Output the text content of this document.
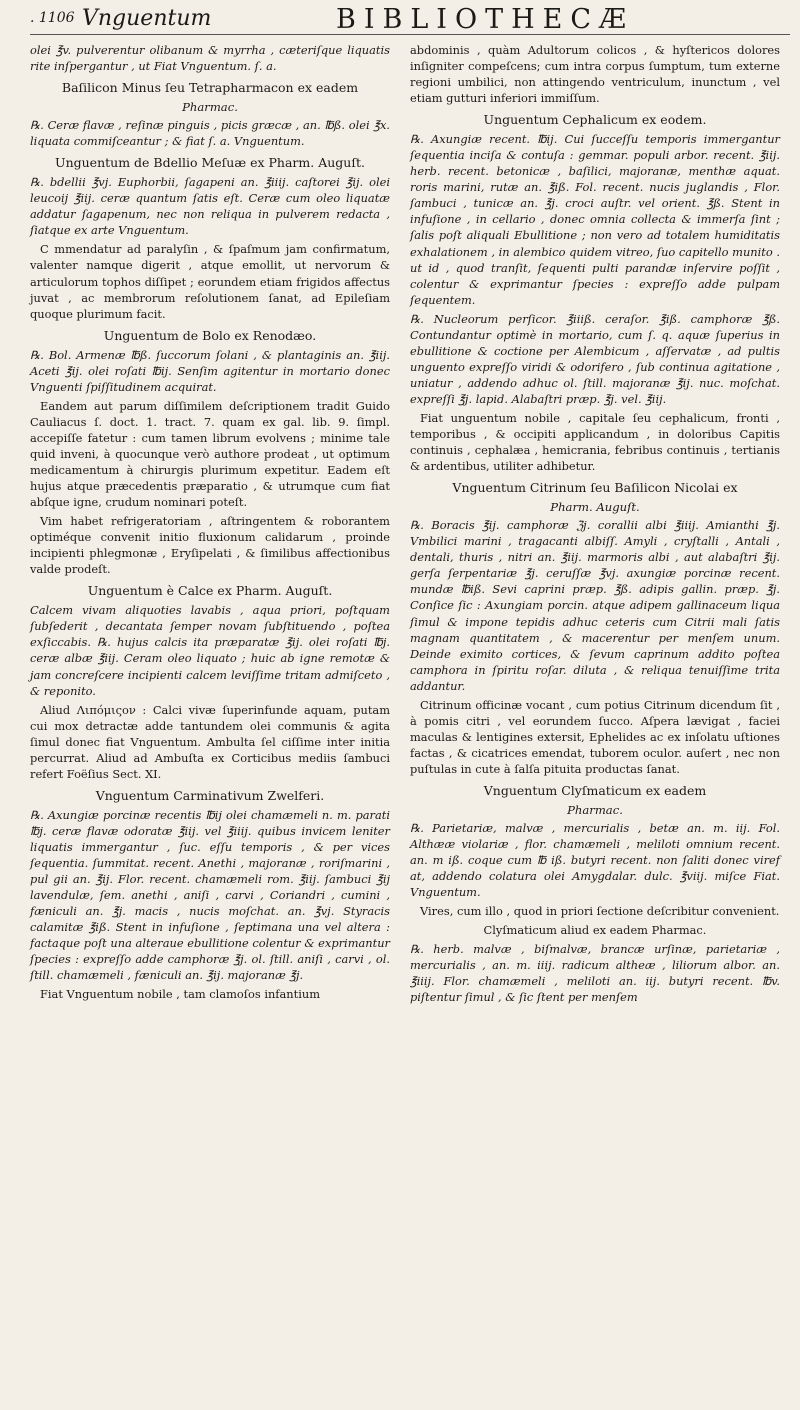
. 1106 Vnguentum	BIBLIOTHECÆ

olei ℥v. pulverentur olibanum & myrrha , cæteriſque liquatis rite inſpergantur , ut Fiat Vnguentum. ſ. a.

Baſilicon Minus ſeu Tetrapharmacon ex eadem
Pharmac.

℞. Ceræ flavæ , reſinæ pinguis , picis græcæ , an. ℔ß. olei ℥x. liquata commiſceantur ; & fiat ſ. a. Vnguentum.

Unguentum de Bdellio Meſuæ ex Pharm. Auguſt.

℞. bdellii ℥vj. Euphorbii, ſagapeni an. ℥iiij. caſtorei ℥ij. olei leucoij ℥iij. ceræ quantum ſatis eſt. Ceræ cum oleo liquatæ addatur ſagapenum, nec non reliqua in pulverem redacta , ſiatque ex arte Vnguentum.

C mmendatur ad paralyſin , & ſpaſmum jam confirmatum, valenter namque digerit , atque emollit, ut nervorum & articulorum tophos diſſipet ; eorundem etiam frigidos affectus juvat , ac membrorum reſolutionem ſanat, ad Epileſiam quoque plurimum facit.

Unguentum de Bolo ex Renodæo.

℞. Bol. Armenæ ℔ß. ſuccorum ſolani , & plantaginis an. ℥iij. Aceti ℥ij. olei roſati ℔ij. Senſim agitentur in mortario donec Vnguenti ſpiſſitudinem acquirat.

Eandem aut parum diſſimilem deſcriptionem tradit Guido Cauliacus ſ. doct. 1. tract. 7. quam ex gal. lib. 9. ſimpl. accepiſſe fatetur : cum tamen librum evolvens ; minime tale quid inveni, à quocunque verò authore prodeat , ut optimum medicamentum à chirurgis plurimum expetitur. Eadem eſt hujus atque præcedentis præparatio , & utrumque cum fiat abſque igne, crudum nominari poteſt.

Vim habet refrigeratoriam , aſtringentem & roborantem optiméque convenit initio fluxionum calidarum , proinde incipienti phlegmonæ , Eryſipelati , & ſimilibus affectionibus valde prodeſt.

Unguentum è Calce ex Pharm. Auguſt.

Calcem vivam aliquoties lavabis , aqua priori, poſtquam ſubſederit , decantata ſemper novam ſubſtituendo , poſtea exſiccabis. ℞. hujus calcis ita præparatæ ℥ij. olei roſati ℔j. ceræ albæ ℥iij. Ceram oleo liquato ; huic ab igne remotæ & jam concreſcere incipienti calcem leviſſime tritam admiſceto , & reponito.

Aliud Λιπόμιςον : Calci vivæ ſuperinfunde aquam, putam cui mox detractæ adde tantundem olei communis & agita ſimul donec fiat Vnguentum. Ambulta ſel ciſſime inter initia percurrat. Aliud ad Ambuſta ex Corticibus mediis ſambuci refert Foëſius Sect. XI.

Vnguentum Carminativum Zwelferi.

℞. Axungiæ porcinæ recentis ℔ij olei chamæmeli n. m. parati ℔j. ceræ flavæ odoratæ ℥iij. vel ℥iiij. quibus invicem leniter liquatis immergantur , ſuc. eſſu temporis , & per vices ſequentia. ſummitat. recent. Anethi , majoranæ , roriſmarini , pul gii an. ℥ij. Flor. recent. chamæmeli rom. ℥iij. ſambuci ℥ij lavendulæ, ſem. anethi , aniſi , carvi , Coriandri , cumini , fæniculi an. ℥j. macis , nucis moſchat. an. ℥vj. Styracis calamitæ ℥iß. Stent in infuſione , ſeptimana una vel altera : factaque poſt una alteraue ebullitione colentur & exprimantur ſpecies : expreſſo adde camphoræ ℥j. ol. ſtill. aniſi , carvi , ol. ſtill. chamæmeli , fæniculi an. ℥ij. majoranæ ℥j.

Fiat Vnguentum nobile , tam clamoſos infantium

abdominis , quàm Adultorum colicos , & hyſtericos dolores inſigniter compeſcens; cum intra corpus ſumptum, tum externe regioni umbilici, non attingendo ventriculum, inunctum , vel etiam gutturi inferiori immiſſum.

Unguentum Cephalicum ex eodem.

℞. Axungiæ recent. ℔ij. Cui ſucceſſu temporis immergantur ſequentia inciſa & contuſa : gemmar. populi arbor. recent. ℥iij. herb. recent. betonicæ , baſilici, majoranæ, menthæ aquat. roris marini, rutæ an. ℥iß. Fol. recent. nucis juglandis , Flor. ſambuci , tunicæ an. ℥j. croci auſtr. vel orient. ℥ß. Stent in infuſione , in cellario , donec omnia collecta & immerſa ſint ; ſalis poſt aliquali Ebullitione ; non vero ad totalem humiditatis exhalationem , in alembico quidem vitreo, ſuo capitello munito . ut id , quod tranſit, ſequenti pulti parandæ inſervire poſſit , colentur & exprimantur ſpecies : expreſſo adde pulpam ſequentem.

℞. Nucleorum perſicor. ℥iiiß. ceraſor. ℥iß. camphoræ ℥ß. Contundantur optimè in mortario, cum ſ. q. aquæ ſuperius in ebullitione & coctione per Alembicum , aſſervatæ , ad pultis unguento expreſſo viridi & odorifero , ſub continua agitatione , uniatur , addendo adhuc ol. ſtill. majoranæ ℥ij. nuc. moſchat. expreſſi ℥j. lapid. Alabaſtri præp. ℥j. vel. ℥iij.

Fiat unguentum nobile , capitale ſeu cephalicum, fronti , temporibus , & occipiti applicandum , in doloribus Capitis continuis , cephalæa , hemicrania, febribus continuis , tertianis & ardentibus, utiliter adhibetur.

Vnguentum Citrinum ſeu Baſilicon Nicolai ex
Pharm. Auguſt.

℞. Boracis ℥ij. camphoræ ℨj. corallii albi ℥iiij. Amianthi ℥j. Vmbilici marini , tragacanti albiſſ. Amyli , cryſtalli , Antali , dentali, thuris , nitri an. ℥iij. marmoris albi , aut alabaſtri ℥ij. gerſa ſerpentariæ ℥j. ceruſſæ ℥vj. axungiæ porcinæ recent. mundæ ℔iß. Sevi caprini præp. ℥ß. adipis gallin. præp. ℥j. Conſice ſic : Axungiam porcin. atque adipem gallinaceum liqua ſimul & impone tepidis adhuc ceteris cum Citrii mali ſatis magnam quantitatem , & macerentur per menſem unum. Deinde eximito cortices, & ſevum caprinum addito poſtea camphora in ſpiritu roſar. diluta , & reliqua tenuiſſime trita addantur.

Citrinum officinæ vocant , cum potius Citrinum dicendum ſit , à pomis citri , vel eorundem ſucco. Aſpera lævigat , faciei maculas & lentigines extersit, Ephelides ac ex inſolatu uſtiones factas , & cicatrices emendat, tuborem oculor. auſert , nec non puſtulas in cute à ſalſa pituita productas ſanat.

Vnguentum Clyſmaticum ex eadem
Pharmac.

℞. Parietariæ, malvæ , mercurialis , betæ an. m. iij. Fol. Althææ violariæ , flor. chamæmeli , meliloti omnium recent. an. m iß. coque cum ℔ iß. butyri recent. non ſaliti donec viref at, addendo colatura olei Amygdalar. dulc. ℥viij. miſce Fiat. Vnguentum.

Vires, cum illo , quod in priori ſectione deſcribitur convenient.

Clyſmaticum aliud ex eadem Pharmac.

℞. herb. malvæ , biſmalvæ, brancæ urſinæ, parietariæ , mercurialis , an. m. iiij. radicum altheæ , liliorum albor. an. ℥iiij. Flor. chamæmeli , meliloti an. iij. butyri recent. ℔v. piſtentur ſimul , & ſic ſtent per menſem
